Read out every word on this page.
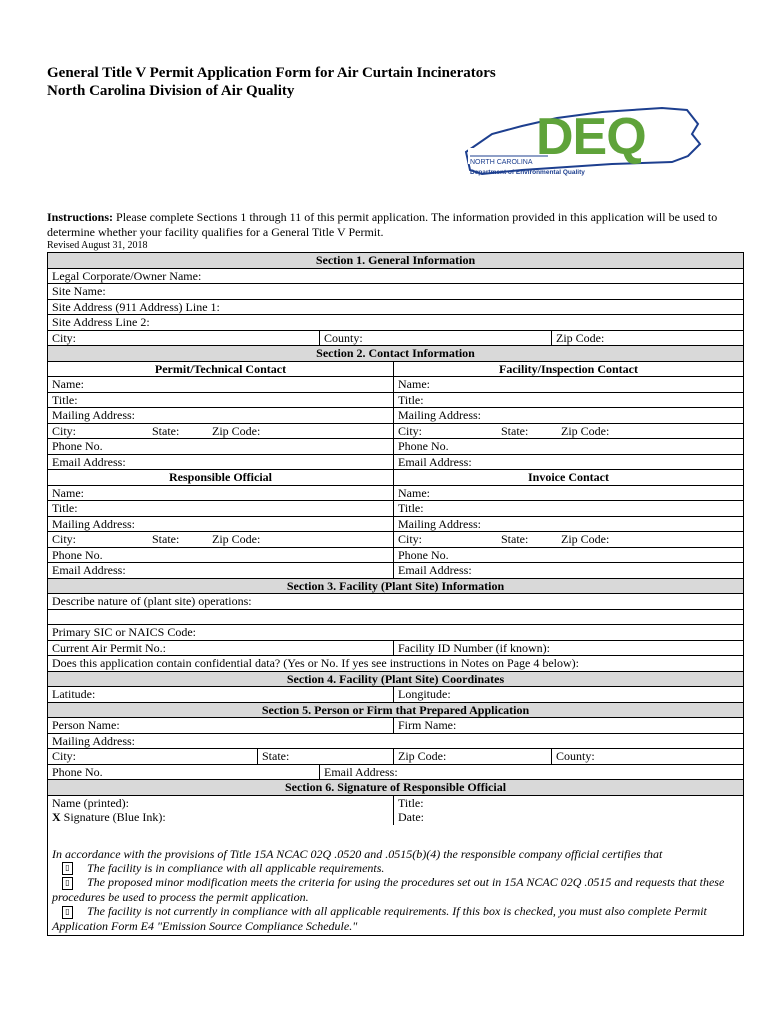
General Title V Permit Application Form for Air Curtain Incinerators
North Carolina Division of Air Quality
DEQ
NORTH CAROLINA
Department of Environmental Quality
Instructions: Please complete Sections 1 through 11 of this permit application. The information provided in this application will be used to determine whether your facility qualifies for a General Title V Permit.
Revised August 31, 2018
Section 1. General Information				
Legal Corporate/Owner Name:				
Site Name:				
Site Address (911 Address) Line 1:				
Site Address Line 2:				
City:		County:		Zip Code:
Section 2. Contact Information				
Permit/Technical Contact			Facility/Inspection Contact	
Name:			Name:	
Title:			Title:	
Mailing Address:			Mailing Address:	
City: State: Zip Code:			City: State: Zip Code:	
Phone No.			Phone No.	
Email Address:			Email Address:	
Responsible Official			Invoice Contact	
Name:			Name:	
Title:			Title:	
Mailing Address:			Mailing Address:	
City: State: Zip Code:			City: State: Zip Code:	
Phone No.			Phone No.	
Email Address:			Email Address:	
Section 3. Facility (Plant Site) Information				
Describe nature of (plant site) operations:				

Primary SIC or NAICS Code:				
Current Air Permit No.:			Facility ID Number (if known):	
Does this application contain confidential data? (Yes or No. If yes see instructions in Notes on Page 4 below):				
Section 4. Facility (Plant Site) Coordinates				
Latitude:			Longitude:	
Section 5. Person or Firm that Prepared Application				
Person Name:			Firm Name:	
Mailing Address:				
City:	State:		Zip Code:	County:
Phone No.		Email Address:		
Section 6. Signature of Responsible Official				
Name (printed):			Title:	
X Signature (Blue Ink):			Date:	

In accordance with the provisions of Title 15A NCAC 02Q .0520 and .0515(b)(4) the responsible company official certifies that

▯ The facility is in compliance with all applicable requirements.

▯ The proposed minor modification meets the criteria for using the procedures set out in 15A NCAC 02Q .0515 and requests that these procedures be used to process the permit application.

▯ The facility is not currently in compliance with all applicable requirements. If this box is checked, you must also complete Permit Application Form E4 "Emission Source Compliance Schedule."				
